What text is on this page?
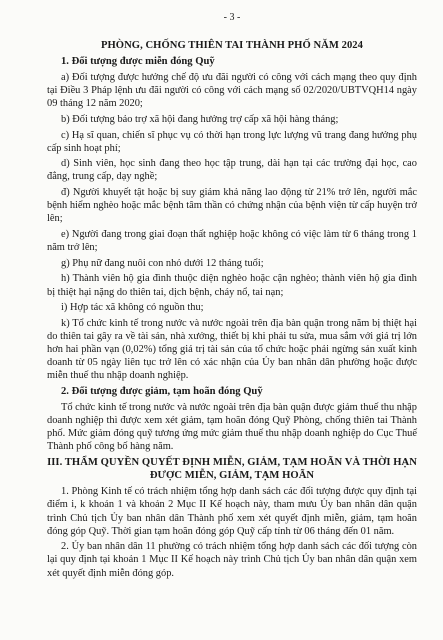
- 3 -
PHÒNG, CHỐNG THIÊN TAI THÀNH PHỐ NĂM 2024
1. Đối tượng được miễn đóng Quỹ

a) Đối tượng được hưởng chế độ ưu đãi người có công với cách mạng theo quy định tại Điều 3 Pháp lệnh ưu đãi người có công với cách mạng số 02/2020/UBTVQH14 ngày 09 tháng 12 năm 2020;

b) Đối tượng bảo trợ xã hội đang hưởng trợ cấp xã hội hàng tháng;

c) Hạ sĩ quan, chiến sĩ phục vụ có thời hạn trong lực lượng vũ trang đang hưởng phụ cấp sinh hoạt phí;

d) Sinh viên, học sinh đang theo học tập trung, dài hạn tại các trường đại học, cao đẳng, trung cấp, dạy nghề;

đ) Người khuyết tật hoặc bị suy giảm khả năng lao động từ 21% trở lên, người mắc bệnh hiểm nghèo hoặc mắc bệnh tâm thần có chứng nhận của bệnh viện từ cấp huyện trở lên;

e) Người đang trong giai đoạn thất nghiệp hoặc không có việc làm từ 6 tháng trong 1 năm trở lên;

g) Phụ nữ đang nuôi con nhỏ dưới 12 tháng tuổi;

h) Thành viên hộ gia đình thuộc diện nghèo hoặc cận nghèo; thành viên hộ gia đình bị thiệt hại nặng do thiên tai, dịch bệnh, cháy nổ, tai nạn;

i) Hợp tác xã không có nguồn thu;

k) Tổ chức kinh tế trong nước và nước ngoài trên địa bàn quận trong năm bị thiệt hại do thiên tai gây ra về tài sản, nhà xưởng, thiết bị khi phải tu sửa, mua sắm với giá trị lớn hơn hai phần vạn (0,02%) tổng giá trị tài sản của tổ chức hoặc phải ngừng sản xuất kinh doanh từ 05 ngày liên tục trở lên có xác nhận của Ủy ban nhân dân phường hoặc được miễn thuế thu nhập doanh nghiệp.

2. Đối tượng được giảm, tạm hoãn đóng Quỹ

Tổ chức kinh tế trong nước và nước ngoài trên địa bàn quận được giảm thuế thu nhập doanh nghiệp thì được xem xét giảm, tạm hoãn đóng Quỹ Phòng, chống thiên tai Thành phố. Mức giảm đóng quỹ tương ứng mức giảm thuế thu nhập doanh nghiệp do Cục Thuế Thành phố công bố hàng năm.

III. THẨM QUYỀN QUYẾT ĐỊNH MIỄN, GIẢM, TẠM HOÃN VÀ THỜI HẠN ĐƯỢC MIỄN, GIẢM, TẠM HOÃN

1. Phòng Kinh tế có trách nhiệm tổng hợp danh sách các đối tượng được quy định tại điểm i, k khoản 1 và khoản 2 Mục II Kế hoạch này, tham mưu Ủy ban nhân dân quận trình Chủ tịch Ủy ban nhân dân Thành phố xem xét quyết định miễn, giảm, tạm hoãn đóng góp Quỹ. Thời gian tạm hoãn đóng góp Quỹ cấp tính từ 06 tháng đến 01 năm.

2. Ủy ban nhân dân 11 phường có trách nhiệm tổng hợp danh sách các đối tượng còn lại quy định tại khoản 1 Mục II Kế hoạch này trình Chủ tịch Ủy ban nhân dân quận xem xét quyết định miễn đóng góp.
